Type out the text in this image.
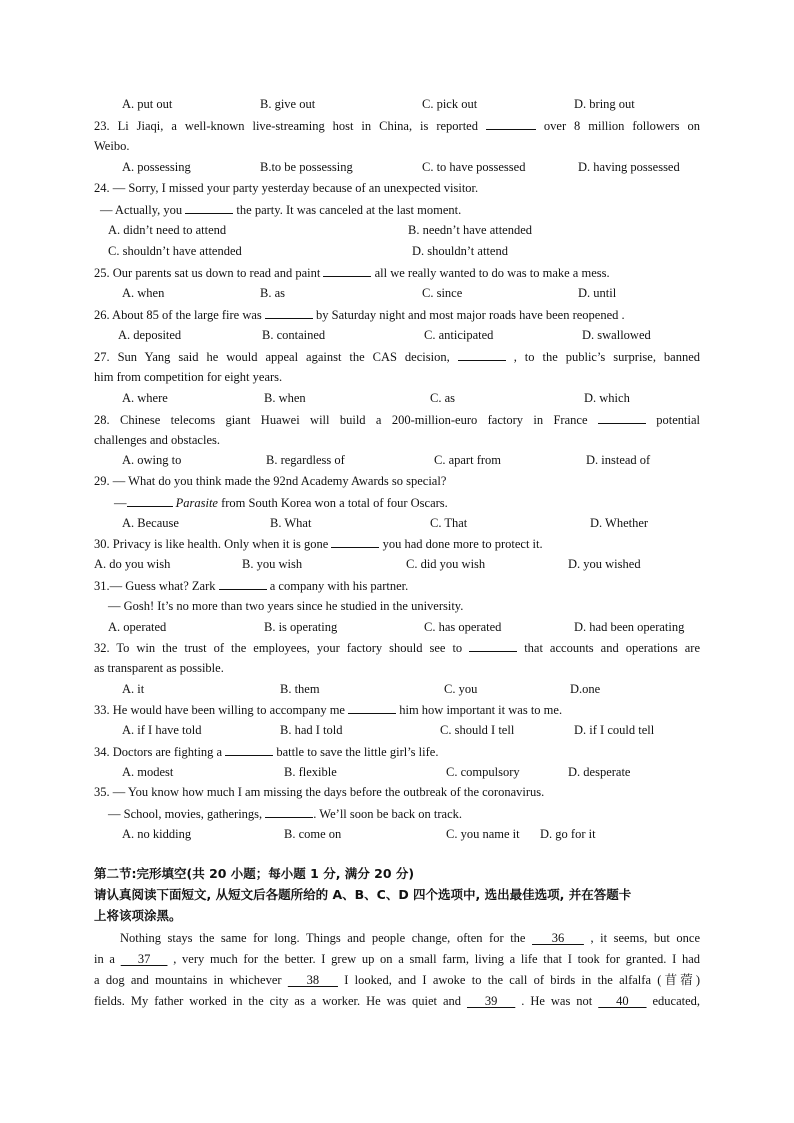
A. put out	B. give out	C. pick out	D. bring out
23. Li Jiaqi, a well-known live-streaming host in China, is reported	over 8 million followers on
Weibo.
A. possessing	B.to be possessing	C. to have possessed	D. having possessed
24. — Sorry, I missed your party yesterday because of an unexpected visitor.
— Actually, you	the party. It was canceled at the last moment.
A. didn’t need to attend	B. needn’t have attended
C. shouldn’t have attended	D. shouldn’t attend
25. Our parents sat us down to read and paint	all we really wanted to do was to make a mess.
A. when	B. as	C. since	D. until
26. About 85 of the large fire was	by Saturday night and most major roads have been reopened .
A. deposited	B. contained	C. anticipated	D. swallowed
27. Sun Yang said he would appeal against the CAS decision,	, to the public’s surprise, banned
him from competition for eight years.
A. where	B. when	C. as	D. which
28. Chinese telecoms giant Huawei will build a 200-million-euro factory in France	potential
challenges and obstacles.
A. owing to	B. regardless of	C. apart from	D. instead of
29. — What do you think made the 92nd Academy Awards so special?
—	Parasite from South Korea won a total of four Oscars.
A. Because	B. What	C. That	D. Whether
30. Privacy is like health. Only when it is gone	you had done more to protect it.
A. do you wish	B. you wish	C. did you wish	D. you wished
31.— Guess what? Zark	a company with his partner.
— Gosh! It’s no more than two years since he studied in the university.
A. operated	B. is operating	C. has operated	D. had been operating
32. To win the trust of the employees, your factory should see to	that accounts and operations are
as transparent as possible.
A. it	B. them	C. you	D.one
33. He would have been willing to accompany me	him how important it was to me.
A. if I have told	B. had I told	C. should I tell	D. if I could tell
34. Doctors are fighting a	battle to save the little girl’s life.
A. modest	B. flexible	C. compulsory	D. desperate
35. — You know how much I am missing the days before the outbreak of the coronavirus.
— School, movies, gatherings,	. We’ll soon be back on track.
A. no kidding	B. come on	C. you name it D. go for it
第二节:完形填空(共 20 小题；每小题 1 分, 满分 20 分)
请认真阅读下面短文, 从短文后各题所给的 A、B、C、D 四个选项中, 选出最佳选项, 并在答题卡
上将该项涂黑。
Nothing stays the same for long. Things and people change, often for the    36    , it seems, but once
in a    37    , very much for the better. I grew up on a small farm, living a life that I took for granted. I had
a dog and mountains in whichever    38    I looked, and I awoke to the call of birds in the alfalfa (苜蓿)
fields. My father worked in the city as a worker. He was quiet and    39    . He was not    40    educated,
